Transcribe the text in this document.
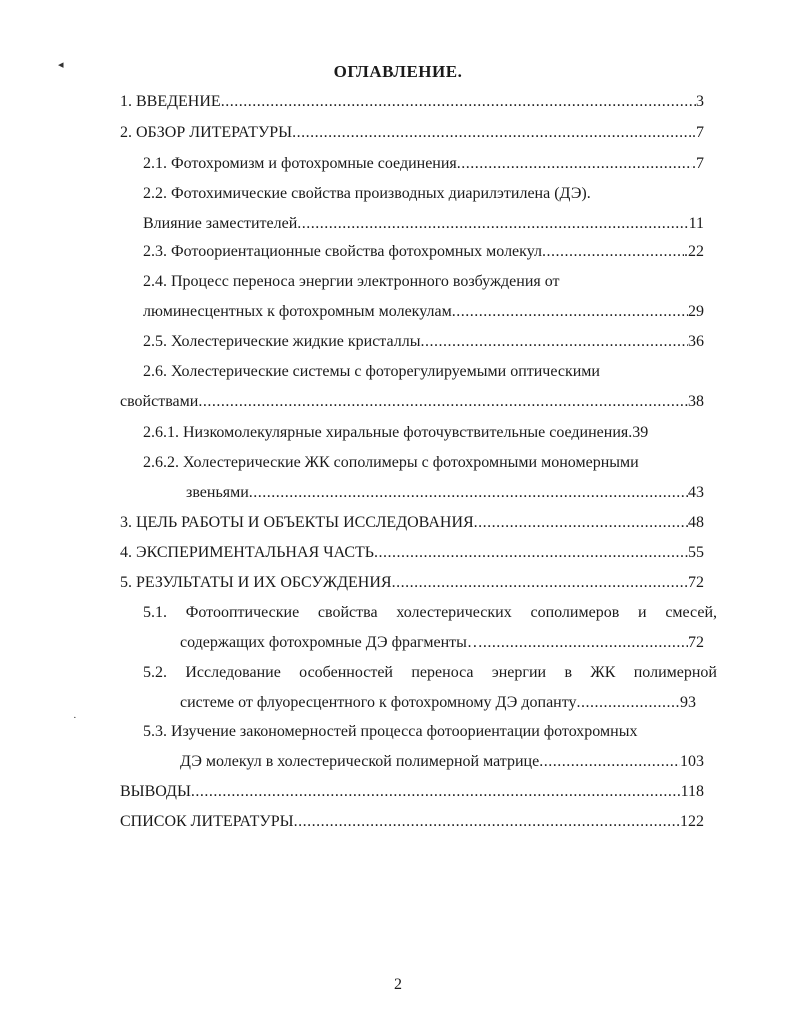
◂	ОГЛАВЛЕНИЕ.
1. ВВЕДЕНИЕ .....	3
2. ОБЗОР ЛИТЕРАТУРЫ .....	.7
2.1. Фотохромизм и фотохромные соединения .....	.7
2.2. Фотохимические свойства производных диарилэтилена (ДЭ).
Влияние заместителей .....	11
2.3. Фотоориентационные свойства фотохромных молекул .....	.22
2.4. Процесс переноса энергии электронного возбуждения от
люминесцентных к фотохромным молекулам .....	29
2.5. Холестерические жидкие кристаллы .....	36
2.6. Холестерические системы с фоторегулируемыми оптическими
свойствами .....	38
2.6.1. Низкомолекулярные хиральные фоточувствительные соединения.39
2.6.2. Холестерические ЖК сополимеры с фотохромными мономерными
звеньями .....	43
3. ЦЕЛЬ РАБОТЫ И ОБЪЕКТЫ ИССЛЕДОВАНИЯ .....	48
4. ЭКСПЕРИМЕНТАЛЬНАЯ ЧАСТЬ .....	55
5. РЕЗУЛЬТАТЫ И ИХ ОБСУЖДЕНИЯ .....	72
5.1. Фотооптические свойства холестерических сополимеров и смесей,
содержащих фотохромные ДЭ фрагменты… .....	72
5.2. Исследование особенностей переноса энергии в ЖК полимерной
системе от флуоресцентного к фотохромному ДЭ допанту .....	93
·
5.3. Изучение закономерностей процесса фотоориентации фотохромных
ДЭ молекул в холестерической полимерной матрице .....	103
ВЫВОДЫ .....	118
СПИСОК ЛИТЕРАТУРЫ .....	122
2
